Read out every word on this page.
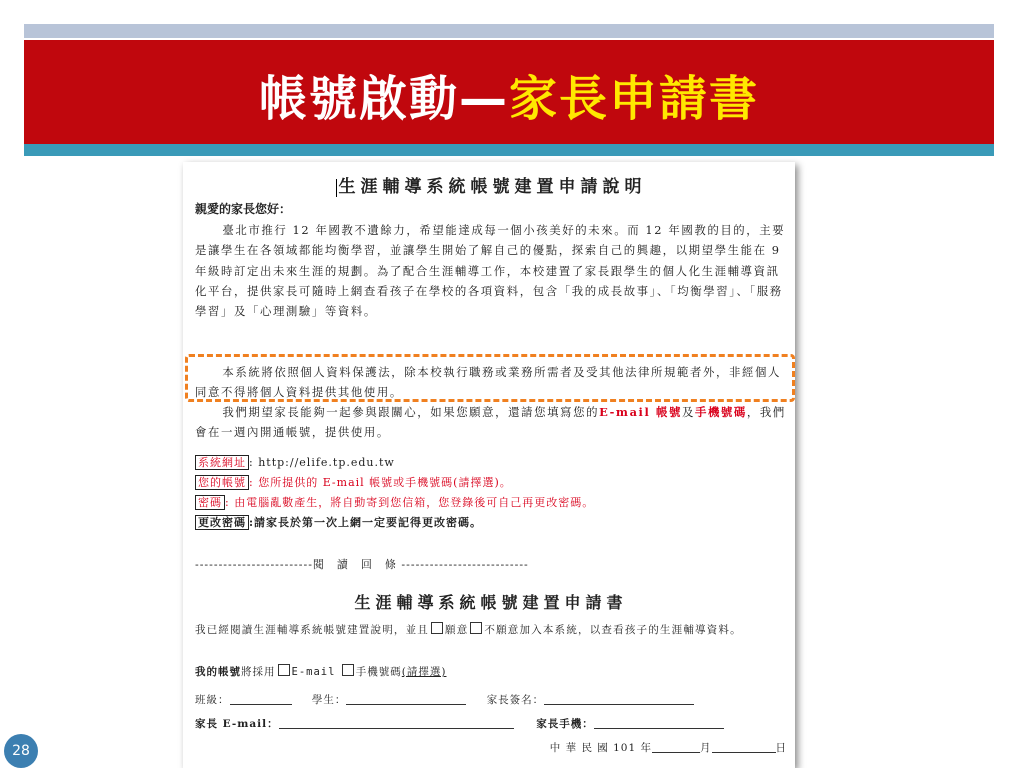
帳號啟動—家長申請書
生涯輔導系統帳號建置申請說明
親愛的家長您好：
臺北市推行 12 年國教不遺餘力，希望能達成每一個小孩美好的未來。而 12 年國教的目的，主要是讓學生在各領域都能均衡學習，並讓學生開始了解自己的優點，探索自己的興趣，以期望學生能在 9 年級時訂定出未來生涯的規劃。為了配合生涯輔導工作，本校建置了家長跟學生的個人化生涯輔導資訊化平台，提供家長可隨時上網查看孩子在學校的各項資料，包含「我的成長故事」、「均衡學習」、「服務學習」及「心理測驗」等資料。
本系統將依照個人資料保護法，除本校執行職務或業務所需者及受其他法律所規範者外，非經個人同意不得將個人資料提供其他使用。
我們期望家長能夠一起參與跟關心，如果您願意，還請您填寫您的E-mail 帳號及手機號碼，我們會在一週內開通帳號，提供使用。
系統網址 : http://elife.tp.edu.tw
您的帳號 : 您所提供的 E-mail 帳號或手機號碼(請擇選)。
密碼 : 由電腦亂數產生，將自動寄到您信箱，您登錄後可自己再更改密碼。
更改密碼 :請家長於第一次上網一定要記得更改密碼。
-------------------------閱　讀　回　條 ---------------------------
生涯輔導系統帳號建置申請書
我已經閱讀生涯輔導系統帳號建置說明，並且 願意 不願意加入本系統，以查看孩子的生涯輔導資料。
我的帳號將採用 E-mail 手機號碼(請擇選)
班級：	學生：	家長簽名：
家長 E-mail：	家長手機：
中 華 民 國 101 年	月	日
28
